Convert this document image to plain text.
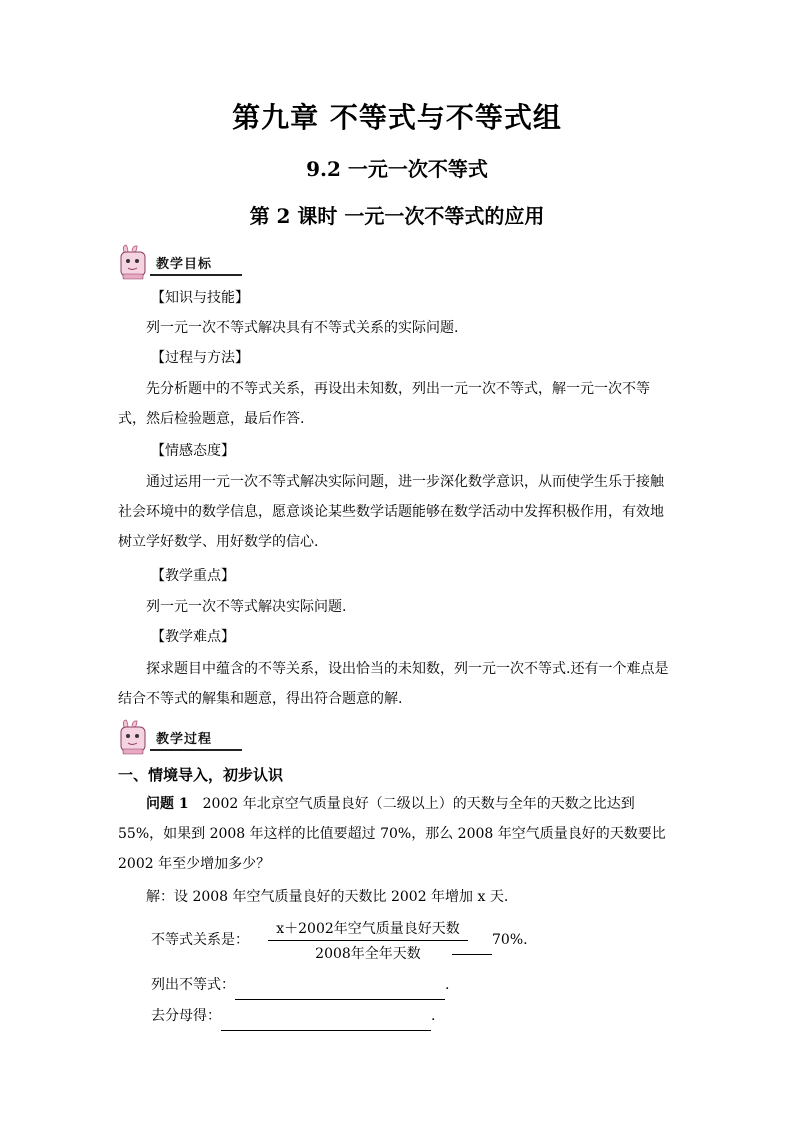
第九章 不等式与不等式组
9.2 一元一次不等式
第 2 课时 一元一次不等式的应用
教学目标
【知识与技能】
列一元一次不等式解决具有不等式关系的实际问题.
【过程与方法】
先分析题中的不等式关系，再设出未知数，列出一元一次不等式，解一元一次不等式，然后检验题意，最后作答.
【情感态度】
通过运用一元一次不等式解决实际问题，进一步深化数学意识，从而使学生乐于接触社会环境中的数学信息，愿意谈论某些数学话题能够在数学活动中发挥积极作用，有效地树立学好数学、用好数学的信心.
【教学重点】
列一元一次不等式解决实际问题.
【教学难点】
探求题目中蕴含的不等关系，设出恰当的未知数，列一元一次不等式.还有一个难点是结合不等式的解集和题意，得出符合题意的解.
教学过程
一、情境导入，初步认识
问题 1  2002 年北京空气质量良好（二级以上）的天数与全年的天数之比达到 55%，如果到 2008 年这样的比值要超过 70%，那么 2008 年空气质量良好的天数要比 2002 年至少增加多少？
解：设 2008 年空气质量良好的天数比 2002 年增加 x 天.
不等式关系是：	70%.
x＋2002年空气质量良好天数
2008年全年天数
列出不等式：	.
去分母得：	.
